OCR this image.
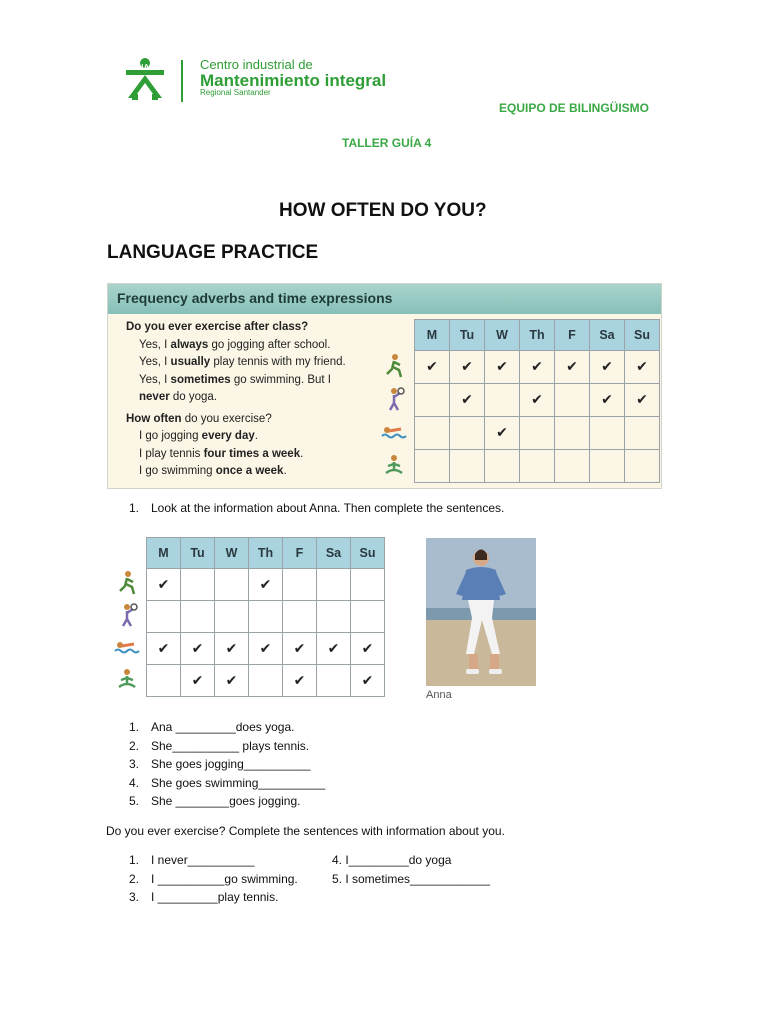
SENA	Centro industrial de
Mantenimiento integral
Regional Santander
EQUIPO DE BILINGÜISMO
TALLER GUÍA 4
HOW OFTEN DO YOU?
LANGUAGE PRACTICE
Frequency adverbs and time expressions
Do you ever exercise after class?
Yes, I always go jogging after school.
Yes, I usually play tennis with my friend.
Yes, I sometimes go swimming. But I
never do yoga.
How often do you exercise?
I go jogging every day.
I play tennis four times a week.
I go swimming once a week.
	M	Tu	W	Th	F	Sa	Su
	✔	✔	✔	✔	✔	✔	✔
		✔		✔		✔	✔
			✔				

1. Look at the information about Anna. Then complete the sentences.
	M	Tu	W	Th	F	Sa	Su
	✔			✔			

	✔	✔	✔	✔	✔	✔	✔
		✔	✔		✔		✔
Anna
1. Ana _________does yoga.
2. She__________ plays tennis.
3. She goes jogging__________
4. She goes swimming__________
5. She ________goes jogging.
Do you ever exercise? Complete the sentences with information about you.
1. I never__________
2. I __________go swimming.
3. I _________play tennis.
4. I_________do yoga
5. I sometimes____________
